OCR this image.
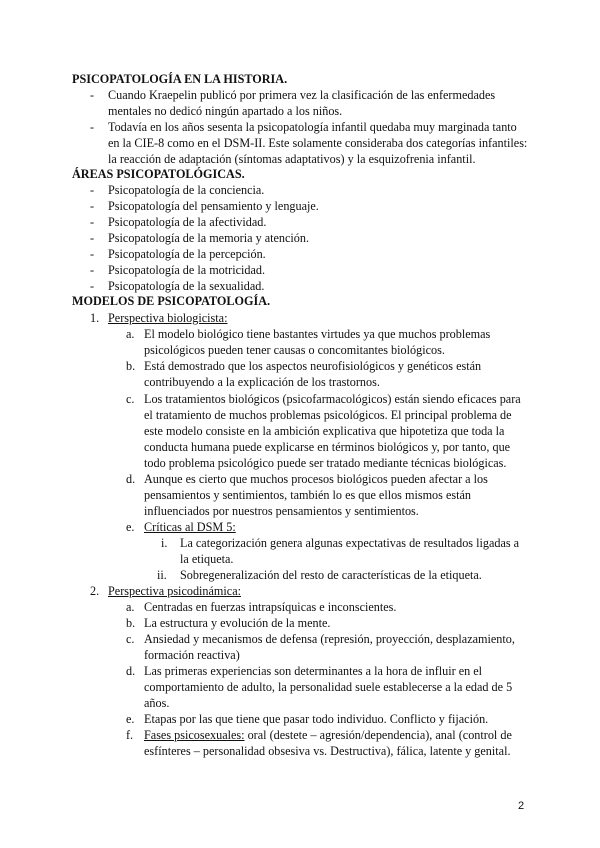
PSICOPATOLOGÍA EN LA HISTORIA.
- Cuando Kraepelin publicó por primera vez la clasificación de las enfermedades
mentales no dedicó ningún apartado a los niños.
- Todavía en los años sesenta la psicopatología infantil quedaba muy marginada tanto
en la CIE-8 como en el DSM-II. Este solamente consideraba dos categorías infantiles:
la reacción de adaptación (síntomas adaptativos) y la esquizofrenia infantil.
ÁREAS PSICOPATOLÓGICAS.
- Psicopatología de la conciencia.
- Psicopatología del pensamiento y lenguaje.
- Psicopatología de la afectividad.
- Psicopatología de la memoria y atención.
- Psicopatología de la percepción.
- Psicopatología de la motricidad.
- Psicopatología de la sexualidad.
MODELOS DE PSICOPATOLOGÍA.
1. Perspectiva biologicista:
a. El modelo biológico tiene bastantes virtudes ya que muchos problemas
psicológicos pueden tener causas o concomitantes biológicos.
b. Está demostrado que los aspectos neurofisiológicos y genéticos están
contribuyendo a la explicación de los trastornos.
c. Los tratamientos biológicos (psicofarmacológicos) están siendo eficaces para
el tratamiento de muchos problemas psicológicos. El principal problema de
este modelo consiste en la ambición explicativa que hipotetiza que toda la
conducta humana puede explicarse en términos biológicos y, por tanto, que
todo problema psicológico puede ser tratado mediante técnicas biológicas.
d. Aunque es cierto que muchos procesos biológicos pueden afectar a los
pensamientos y sentimientos, también lo es que ellos mismos están
influenciados por nuestros pensamientos y sentimientos.
e. Críticas al DSM 5:
i. La categorización genera algunas expectativas de resultados ligadas a
la etiqueta.
ii. Sobregeneralización del resto de características de la etiqueta.
2. Perspectiva psicodinámica:
a. Centradas en fuerzas intrapsíquicas e inconscientes.
b. La estructura y evolución de la mente.
c. Ansiedad y mecanismos de defensa (represión, proyección, desplazamiento,
formación reactiva)
d. Las primeras experiencias son determinantes a la hora de influir en el
comportamiento de adulto, la personalidad suele establecerse a la edad de 5
años.
e. Etapas por las que tiene que pasar todo individuo. Conflicto y fijación.
f. Fases psicosexuales: oral (destete – agresión/dependencia), anal (control de
esfínteres – personalidad obsesiva vs. Destructiva), fálica, latente y genital.
2
